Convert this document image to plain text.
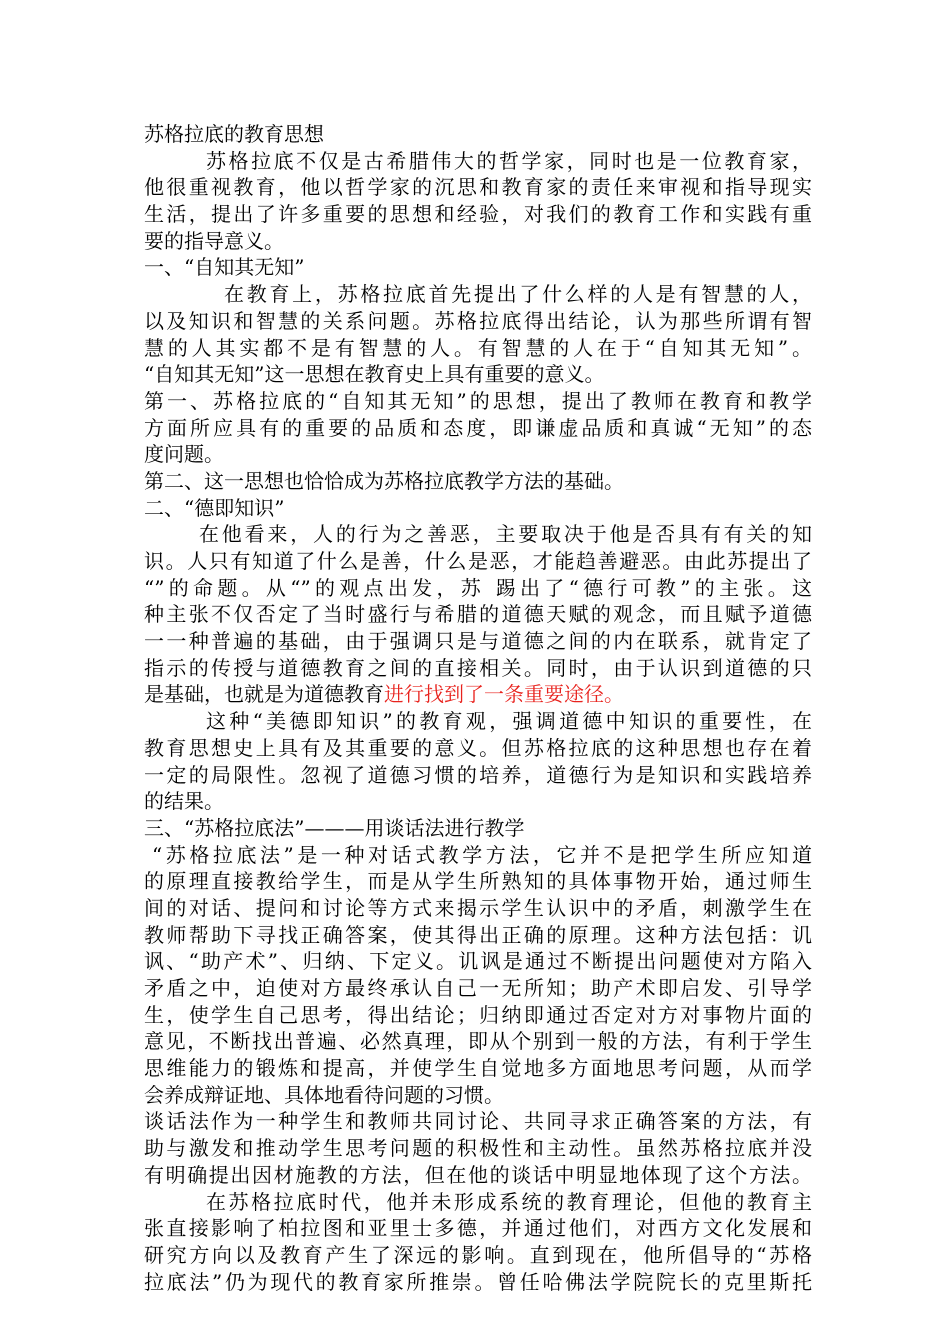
苏格拉底的教育思想
苏格拉底不仅是古希腊伟大的哲学家，同时也是一位教育家，
他很重视教育，他以哲学家的沉思和教育家的责任来审视和指导现实
生活，提出了许多重要的思想和经验，对我们的教育工作和实践有重
要的指导意义。
一、“自知其无知”
在教育上，苏格拉底首先提出了什么样的人是有智慧的人，
以及知识和智慧的关系问题。苏格拉底得出结论，认为那些所谓有智
慧的人其实都不是有智慧的人。有智慧的人在于“自知其无知”。
“自知其无知”这一思想在教育史上具有重要的意义。
第一、苏格拉底的“自知其无知”的思想，提出了教师在教育和教学
方面所应具有的重要的品质和态度，即谦虚品质和真诚“无知”的态
度问题。
第二、这一思想也恰恰成为苏格拉底教学方法的基础。
二、“德即知识”
在他看来，人的行为之善恶，主要取决于他是否具有有关的知
识。人只有知道了什么是善，什么是恶，才能趋善避恶。由此苏提出了
“”的命题。从“”的观点出发，苏 踢出了“德行可教”的主张。这
种主张不仅否定了当时盛行与希腊的道德天赋的观念，而且赋予道德
一一种普遍的基础，由于强调只是与道德之间的内在联系，就肯定了
指示的传授与道德教育之间的直接相关。同时，由于认识到道德的只
是基础，也就是为道德教育进行找到了一条重要途径。
这种“美德即知识”的教育观，强调道德中知识的重要性，在
教育思想史上具有及其重要的意义。但苏格拉底的这种思想也存在着
一定的局限性。忽视了道德习惯的培养，道德行为是知识和实践培养
的结果。
三、“苏格拉底法”———用谈话法进行教学
“苏格拉底法”是一种对话式教学方法，它并不是把学生所应知道
的原理直接教给学生，而是从学生所熟知的具体事物开始，通过师生
间的对话、提问和讨论等方式来揭示学生认识中的矛盾，刺激学生在
教师帮助下寻找正确答案，使其得出正确的原理。这种方法包括：讥
讽、“助产术”、归纳、下定义。讥讽是通过不断提出问题使对方陷入
矛盾之中，迫使对方最终承认自己一无所知；助产术即启发、引导学
生，使学生自己思考，得出结论；归纳即通过否定对方对事物片面的
意见，不断找出普遍、必然真理，即从个别到一般的方法，有利于学生
思维能力的锻炼和提高，并使学生自觉地多方面地思考问题，从而学
会养成辩证地、具体地看待问题的习惯。
谈话法作为一种学生和教师共同讨论、共同寻求正确答案的方法，有
助与激发和推动学生思考问题的积极性和主动性。虽然苏格拉底并没
有明确提出因材施教的方法，但在他的谈话中明显地体现了这个方法。
在苏格拉底时代，他并未形成系统的教育理论，但他的教育主
张直接影响了柏拉图和亚里士多德，并通过他们，对西方文化发展和
研究方向以及教育产生了深远的影响。直到现在，他所倡导的“苏格
拉底法”仍为现代的教育家所推崇。曾任哈佛法学院院长的克里斯托
